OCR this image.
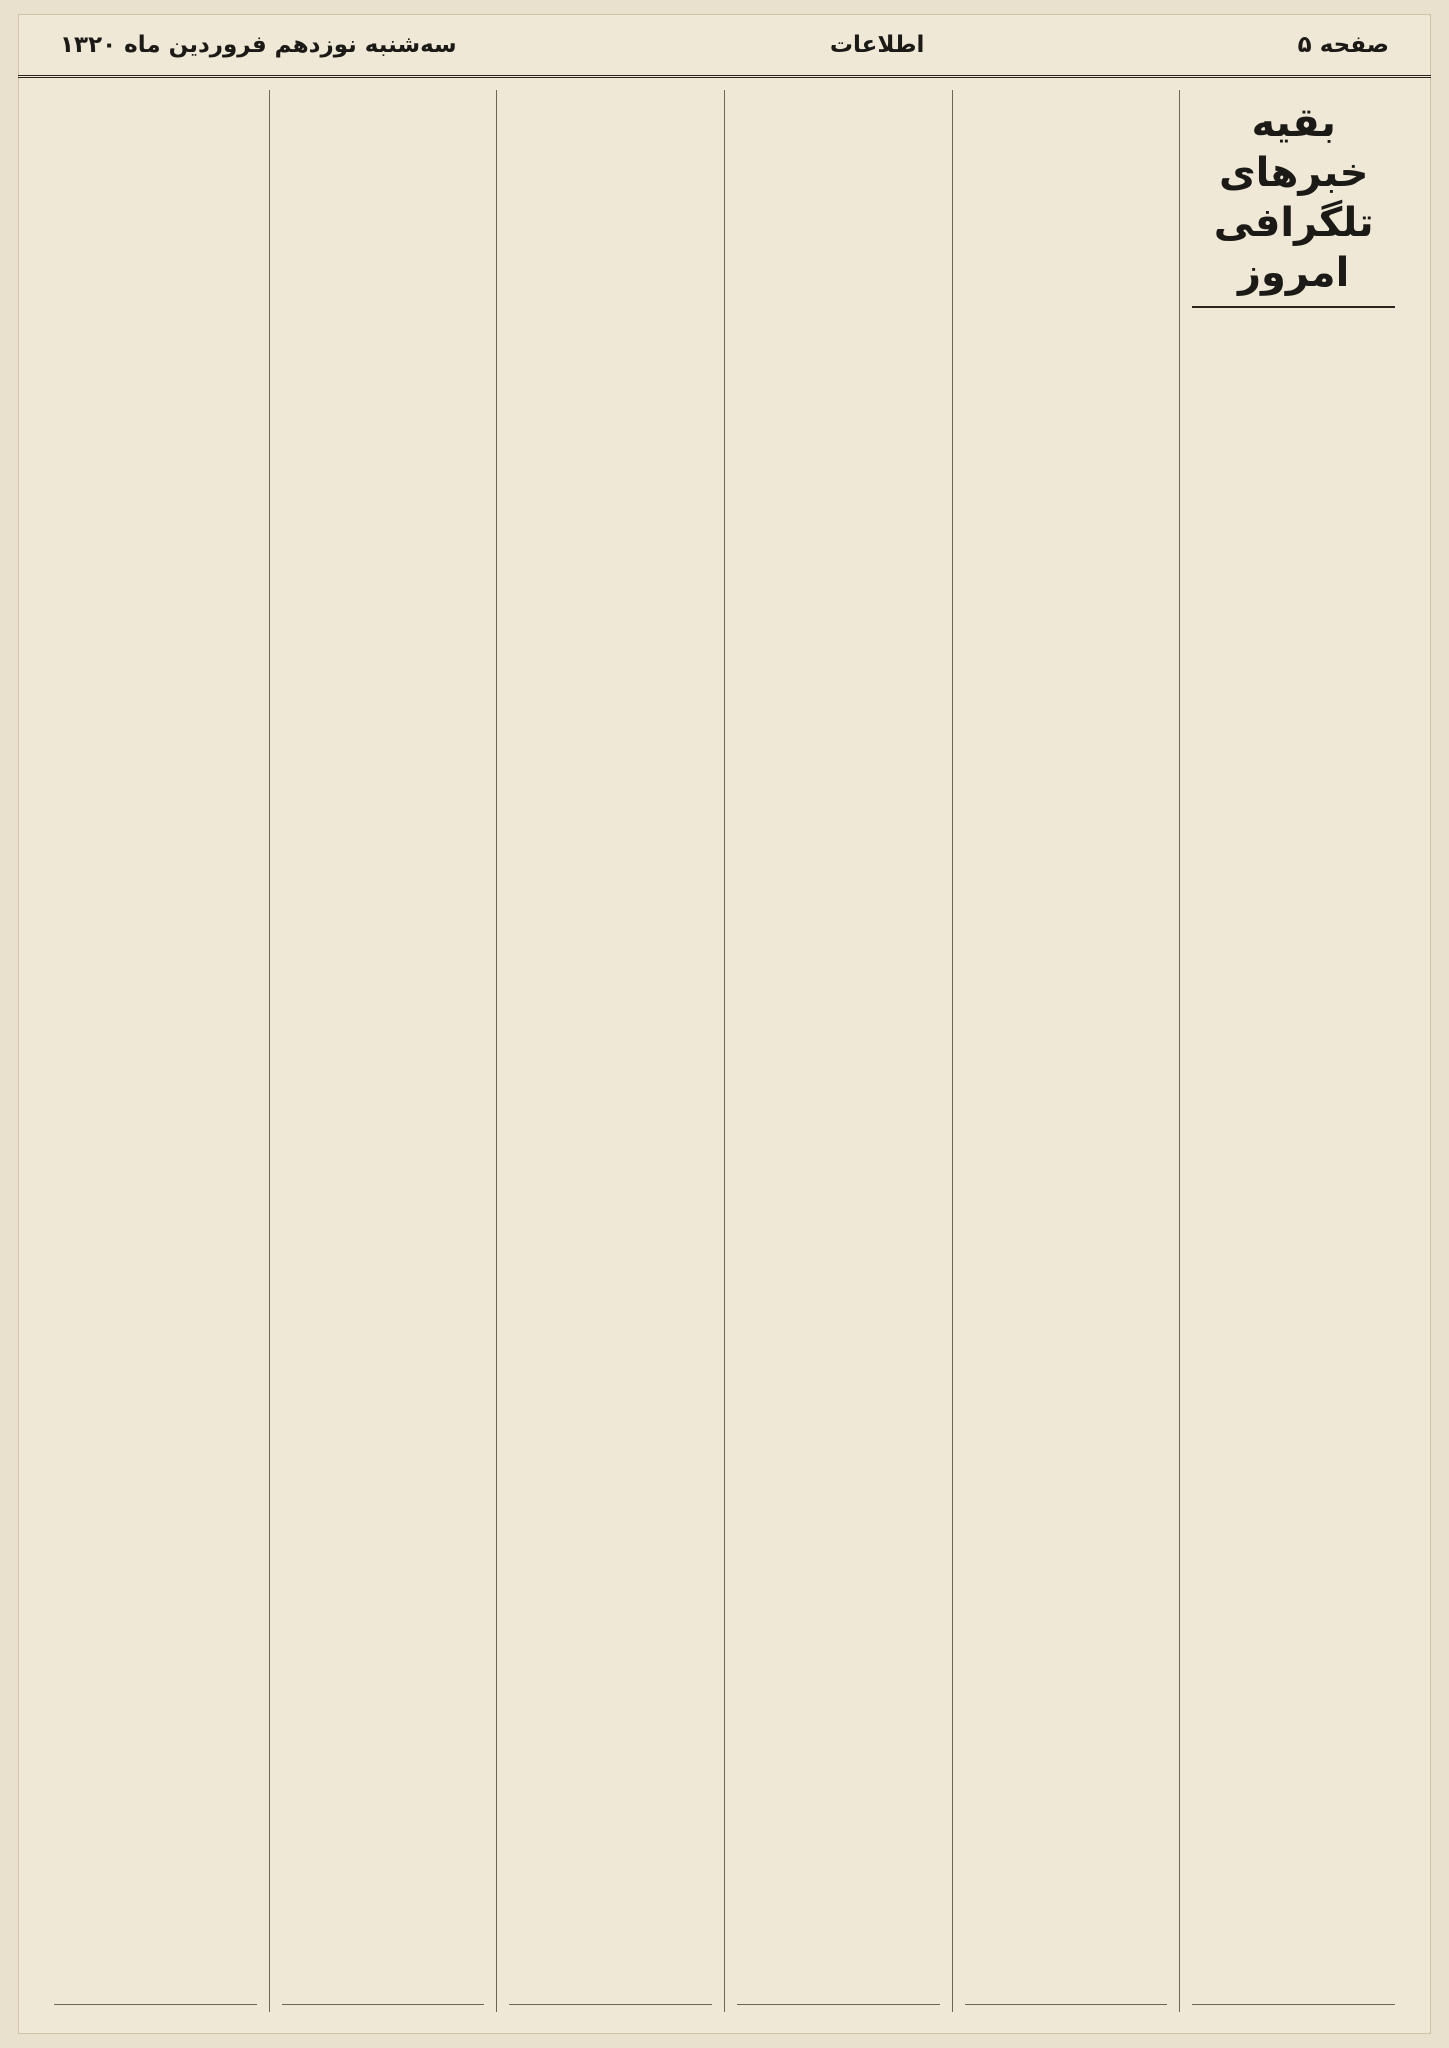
صفحه ۵
اطلاعات
سه‌شنبه نوزدهم فروردین ماه ۱۳۲۰
بقیه خبرهای تلگرافی امروز
